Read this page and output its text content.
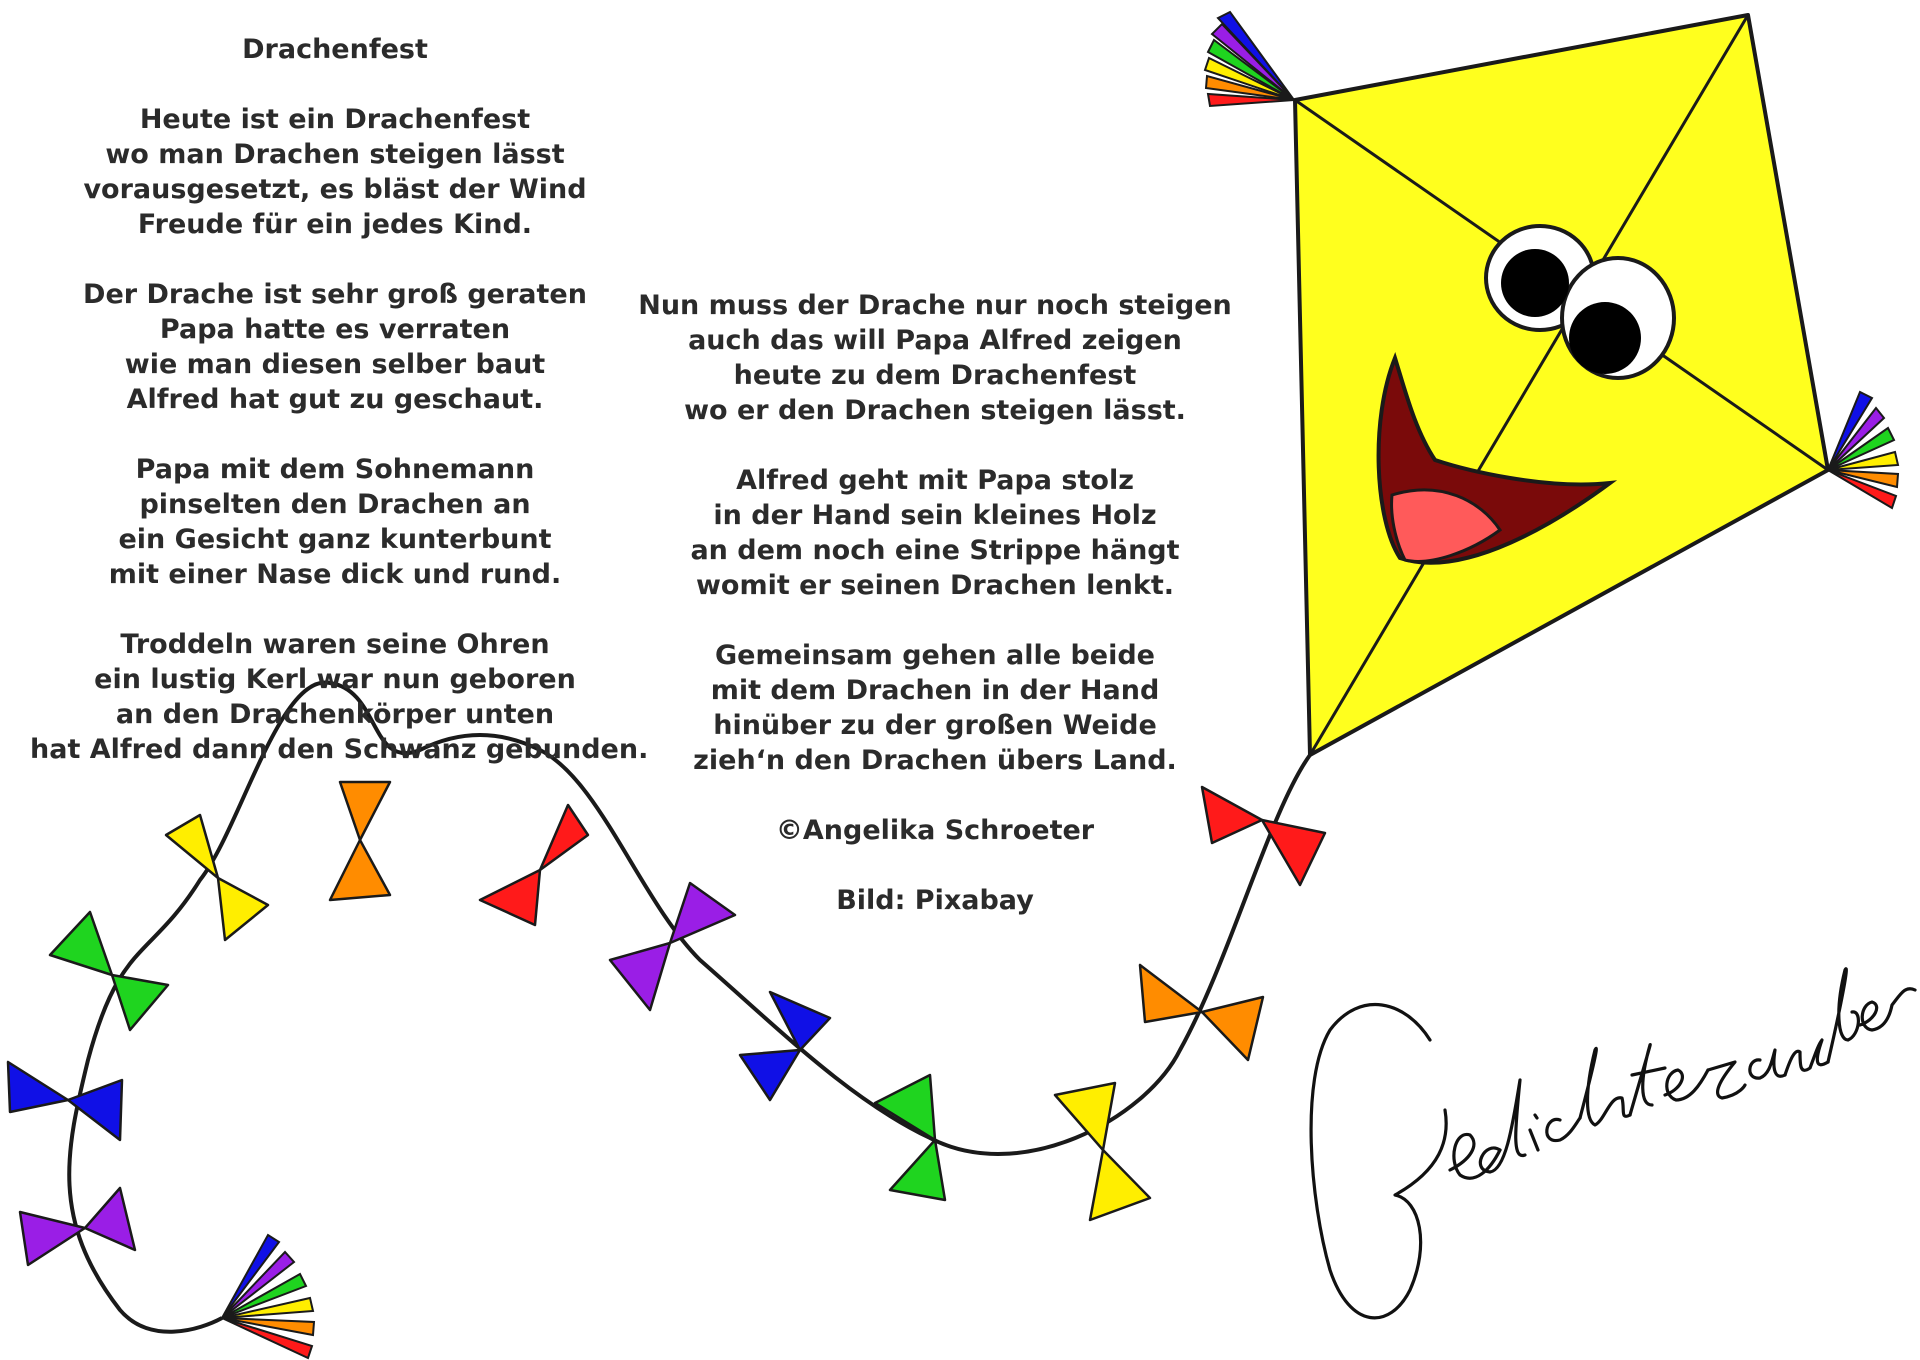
Drachenfest
Heute ist ein Drachenfest
wo man Drachen steigen lässt
vorausgesetzt, es bläst der Wind
Freude für ein jedes Kind.
Der Drache ist sehr groß geraten
Papa hatte es verraten
wie man diesen selber baut
Alfred hat gut zu geschaut.
Papa mit dem Sohnemann
pinselten den Drachen an
ein Gesicht ganz kunterbunt
mit einer Nase dick und rund.
Troddeln waren seine Ohren
ein lustig Kerl war nun geboren
an den Drachenkörper unten
hat Alfred dann den Schwanz gebunden.
Nun muss der Drache nur noch steigen
auch das will Papa Alfred zeigen
heute zu dem Drachenfest
wo er den Drachen steigen lässt.
Alfred geht mit Papa stolz
in der Hand sein kleines Holz
an dem noch eine Strippe hängt
womit er seinen Drachen lenkt.
Gemeinsam gehen alle beide
mit dem Drachen in der Hand
hinüber zu der großen Weide
zieh‘n den Drachen übers Land.
©Angelika Schroeter
Bild: Pixabay
